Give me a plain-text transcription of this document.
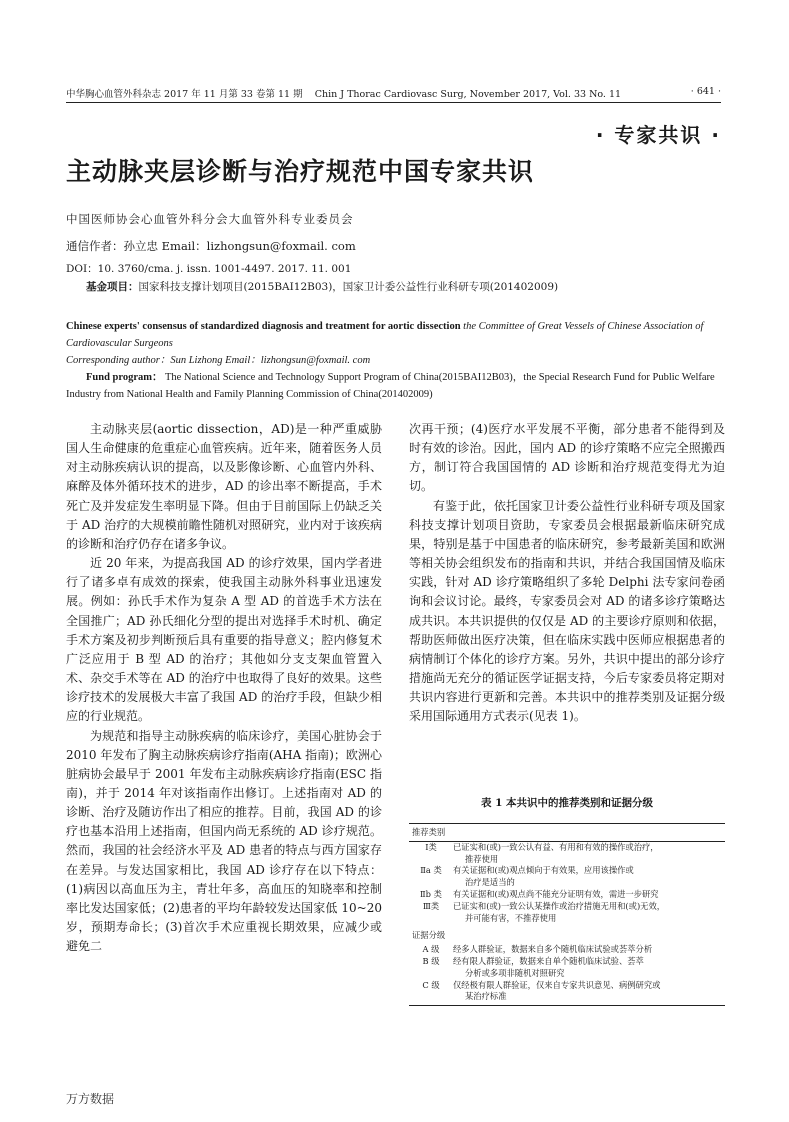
中华胸心血管外科杂志 2017 年 11 月第 33 卷第 11 期 Chin J Thorac Cardiovasc Surg, November 2017, Vol. 33 No. 11	· 641 ·
· 专家共识 ·
主动脉夹层诊断与治疗规范中国专家共识
中国医师协会心血管外科分会大血管外科专业委员会
通信作者：孙立忠 Email：lizhongsun@foxmail. com
DOI：10. 3760/cma. j. issn. 1001-4497. 2017. 11. 001
基金项目：国家科技支撑计划项目(2015BAI12B03)，国家卫计委公益性行业科研专项(201402009)
Chinese experts' consensus of standardized diagnosis and treatment for aortic dissection the Committee of Great Vessels of Chinese Association of Cardiovascular Surgeons
Corresponding author：Sun Lizhong Email：lizhongsun@foxmail. com
Fund program： The National Science and Technology Support Program of China(2015BAI12B03)，the Special Research Fund for Public Welfare Industry from National Health and Family Planning Commission of China(201402009)

主动脉夹层(aortic dissection，AD)是一种严重威胁国人生命健康的危重症心血管疾病。近年来，随着医务人员对主动脉疾病认识的提高，以及影像诊断、心血管内外科、麻醉及体外循环技术的进步，AD 的诊出率不断提高，手术死亡及并发症发生率明显下降。但由于目前国际上仍缺乏关于 AD 治疗的大规模前瞻性随机对照研究，业内对于该疾病的诊断和治疗仍存在诸多争议。

近 20 年来，为提高我国 AD 的诊疗效果，国内学者进行了诸多卓有成效的探索，使我国主动脉外科事业迅速发展。例如：孙氏手术作为复杂 A 型 AD 的首选手术方法在全国推广；AD 孙氏细化分型的提出对选择手术时机、确定手术方案及初步判断预后具有重要的指导意义；腔内修复术广泛应用于 B 型 AD 的治疗；其他如分支支架血管置入术、杂交手术等在 AD 的治疗中也取得了良好的效果。这些诊疗技术的发展极大丰富了我国 AD 的治疗手段，但缺少相应的行业规范。

为规范和指导主动脉疾病的临床诊疗，美国心脏协会于 2010 年发布了胸主动脉疾病诊疗指南(AHA 指南)；欧洲心脏病协会最早于 2001 年发布主动脉疾病诊疗指南(ESC 指南)，并于 2014 年对该指南作出修订。上述指南对 AD 的诊断、治疗及随访作出了相应的推荐。目前，我国 AD 的诊疗也基本沿用上述指南，但国内尚无系统的 AD 诊疗规范。然而，我国的社会经济水平及 AD 患者的特点与西方国家存在差异。与发达国家相比，我国 AD 诊疗存在以下特点：(1)病因以高血压为主，青壮年多，高血压的知晓率和控制率比发达国家低；(2)患者的平均年龄较发达国家低 10~20 岁，预期寿命长；(3)首次手术应重视长期效果，应减少或避免二

次再干预；(4)医疗水平发展不平衡，部分患者不能得到及时有效的诊治。因此，国内 AD 的诊疗策略不应完全照搬西方，制订符合我国国情的 AD 诊断和治疗规范变得尤为迫切。

有鉴于此，依托国家卫计委公益性行业科研专项及国家科技支撑计划项目资助，专家委员会根据最新临床研究成果，特别是基于中国患者的临床研究，参考最新美国和欧洲等相关协会组织发布的指南和共识，并结合我国国情及临床实践，针对 AD 诊疗策略组织了多轮 Delphi 法专家问卷函询和会议讨论。最终，专家委员会对 AD 的诸多诊疗策略达成共识。本共识提供的仅仅是 AD 的主要诊疗原则和依据，帮助医师做出医疗决策，但在临床实践中医师应根据患者的病情制订个体化的诊疗方案。另外，共识中提出的部分诊疗措施尚无充分的循证医学证据支持，今后专家委员将定期对共识内容进行更新和完善。本共识中的推荐类别及证据分级采用国际通用方式表示(见表 1)。

表 1 本共识中的推荐类别和证据分级
推荐类别
Ⅰ类	已证实和(或)一致公认有益、有用和有效的操作或治疗，
推荐使用
Ⅱa 类	有关证据和(或)观点倾向于有效果，应用该操作或
治疗是适当的
Ⅱb 类	有关证据和(或)观点尚不能充分证明有效，需进一步研究
Ⅲ类	已证实和(或)一致公认某操作或治疗措施无用和(或)无效，
并可能有害，不推荐使用
证据分级
A 级	经多人群验证，数据来自多个随机临床试验或荟萃分析
B 级	经有限人群验证，数据来自单个随机临床试验、荟萃
分析或多项非随机对照研究
C 级	仅经极有限人群验证，仅来自专家共识意见、病例研究或
某治疗标准
万方数据
